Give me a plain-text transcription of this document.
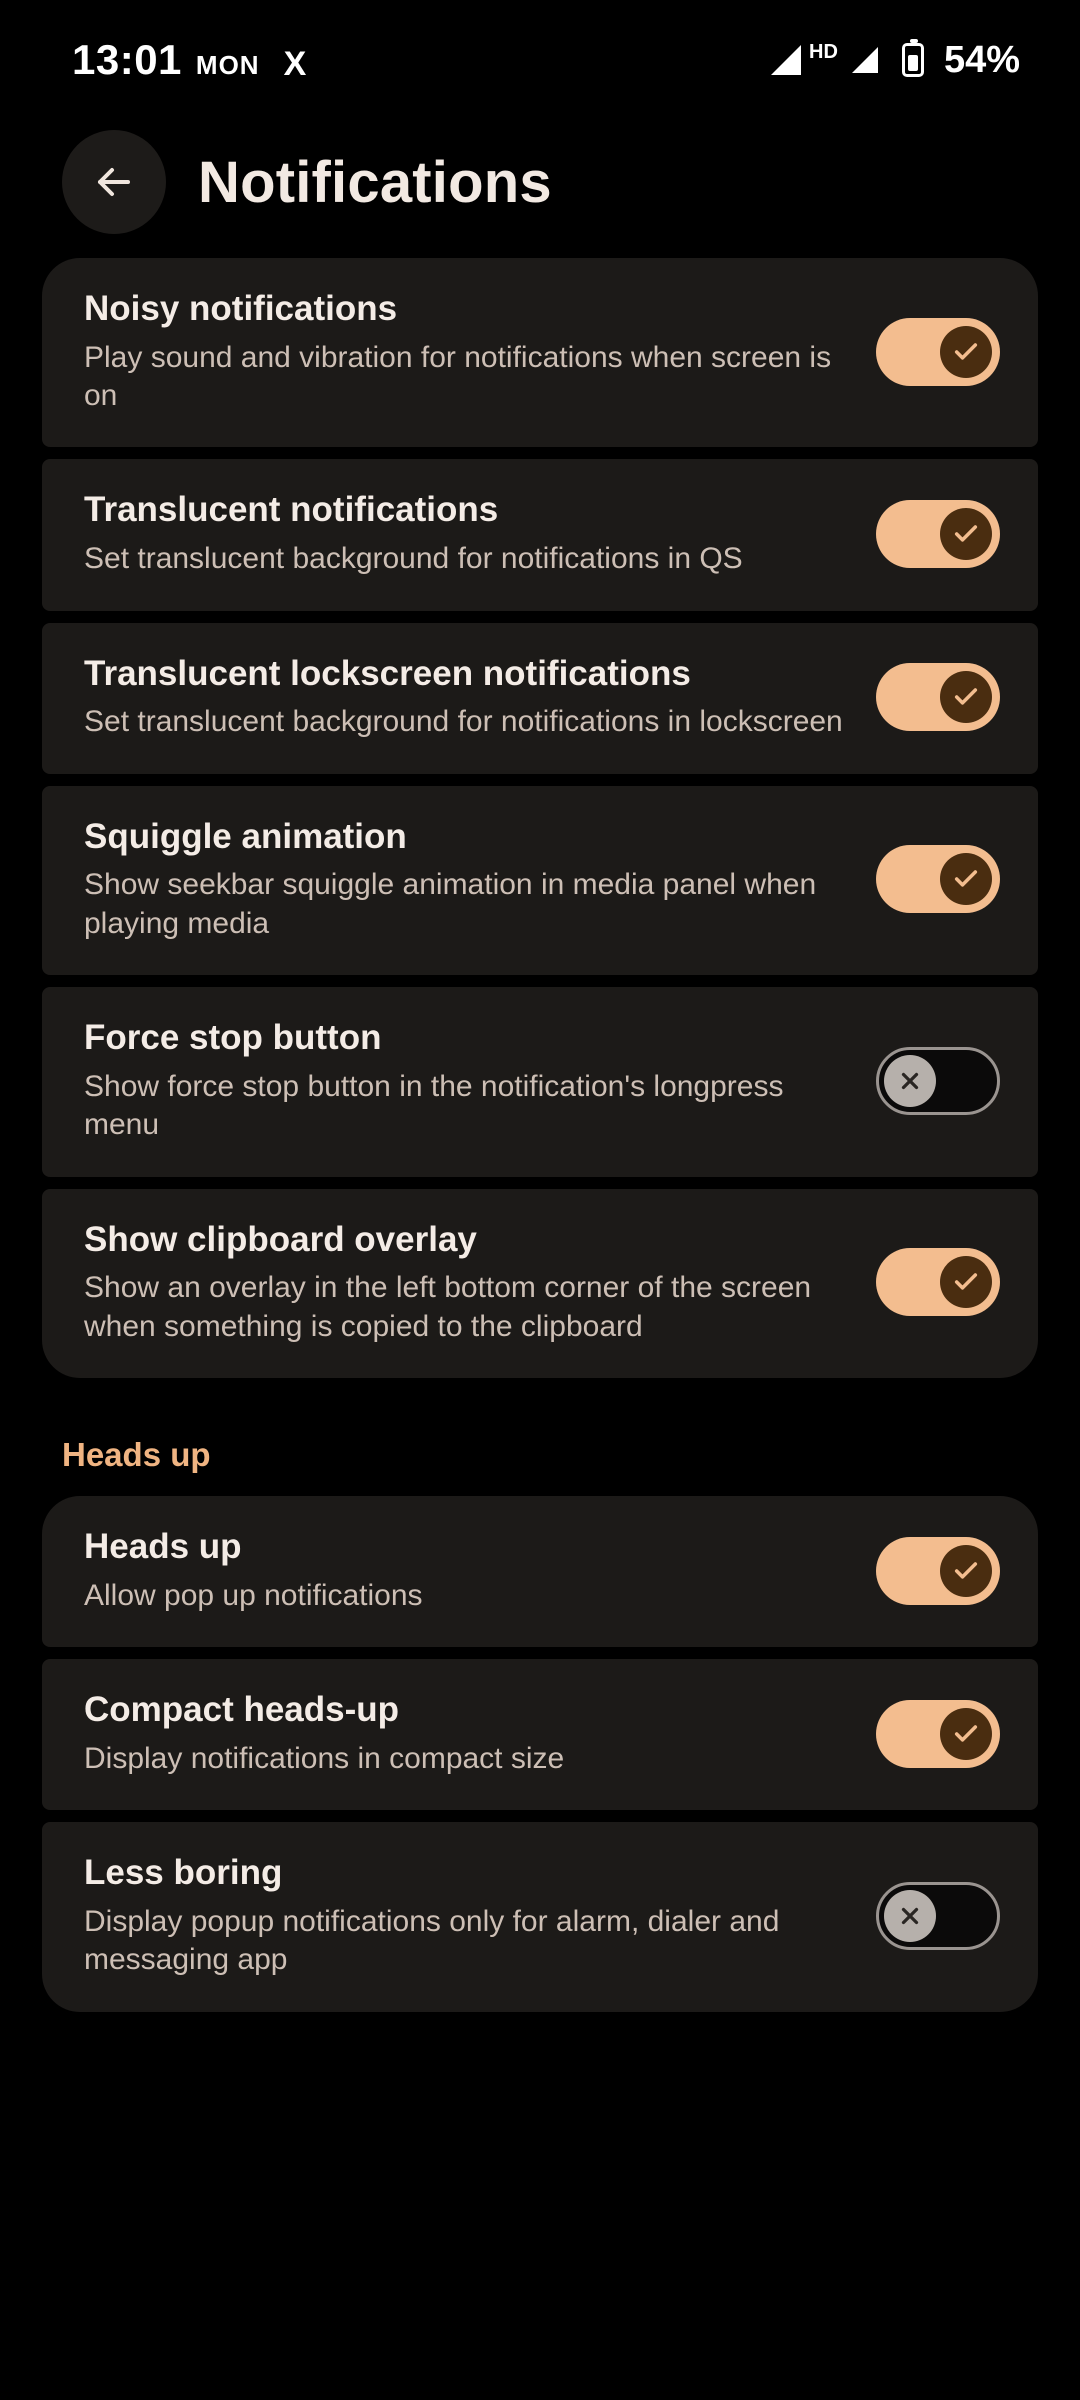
13:01 MON X	HD	54%
Notifications
Noisy notifications
Play sound and vibration for notifications when screen is on
Translucent notifications
Set translucent background for notifications in QS
Translucent lockscreen notifications
Set translucent background for notifications in lockscreen
Squiggle animation
Show seekbar squiggle animation in media panel when playing media
Force stop button
Show force stop button in the notification's longpress menu
Show clipboard overlay
Show an overlay in the left bottom corner of the screen when something is copied to the clipboard
Heads up
Heads up
Allow pop up notifications
Compact heads-up
Display notifications in compact size
Less boring
Display popup notifications only for alarm, dialer and messaging app
